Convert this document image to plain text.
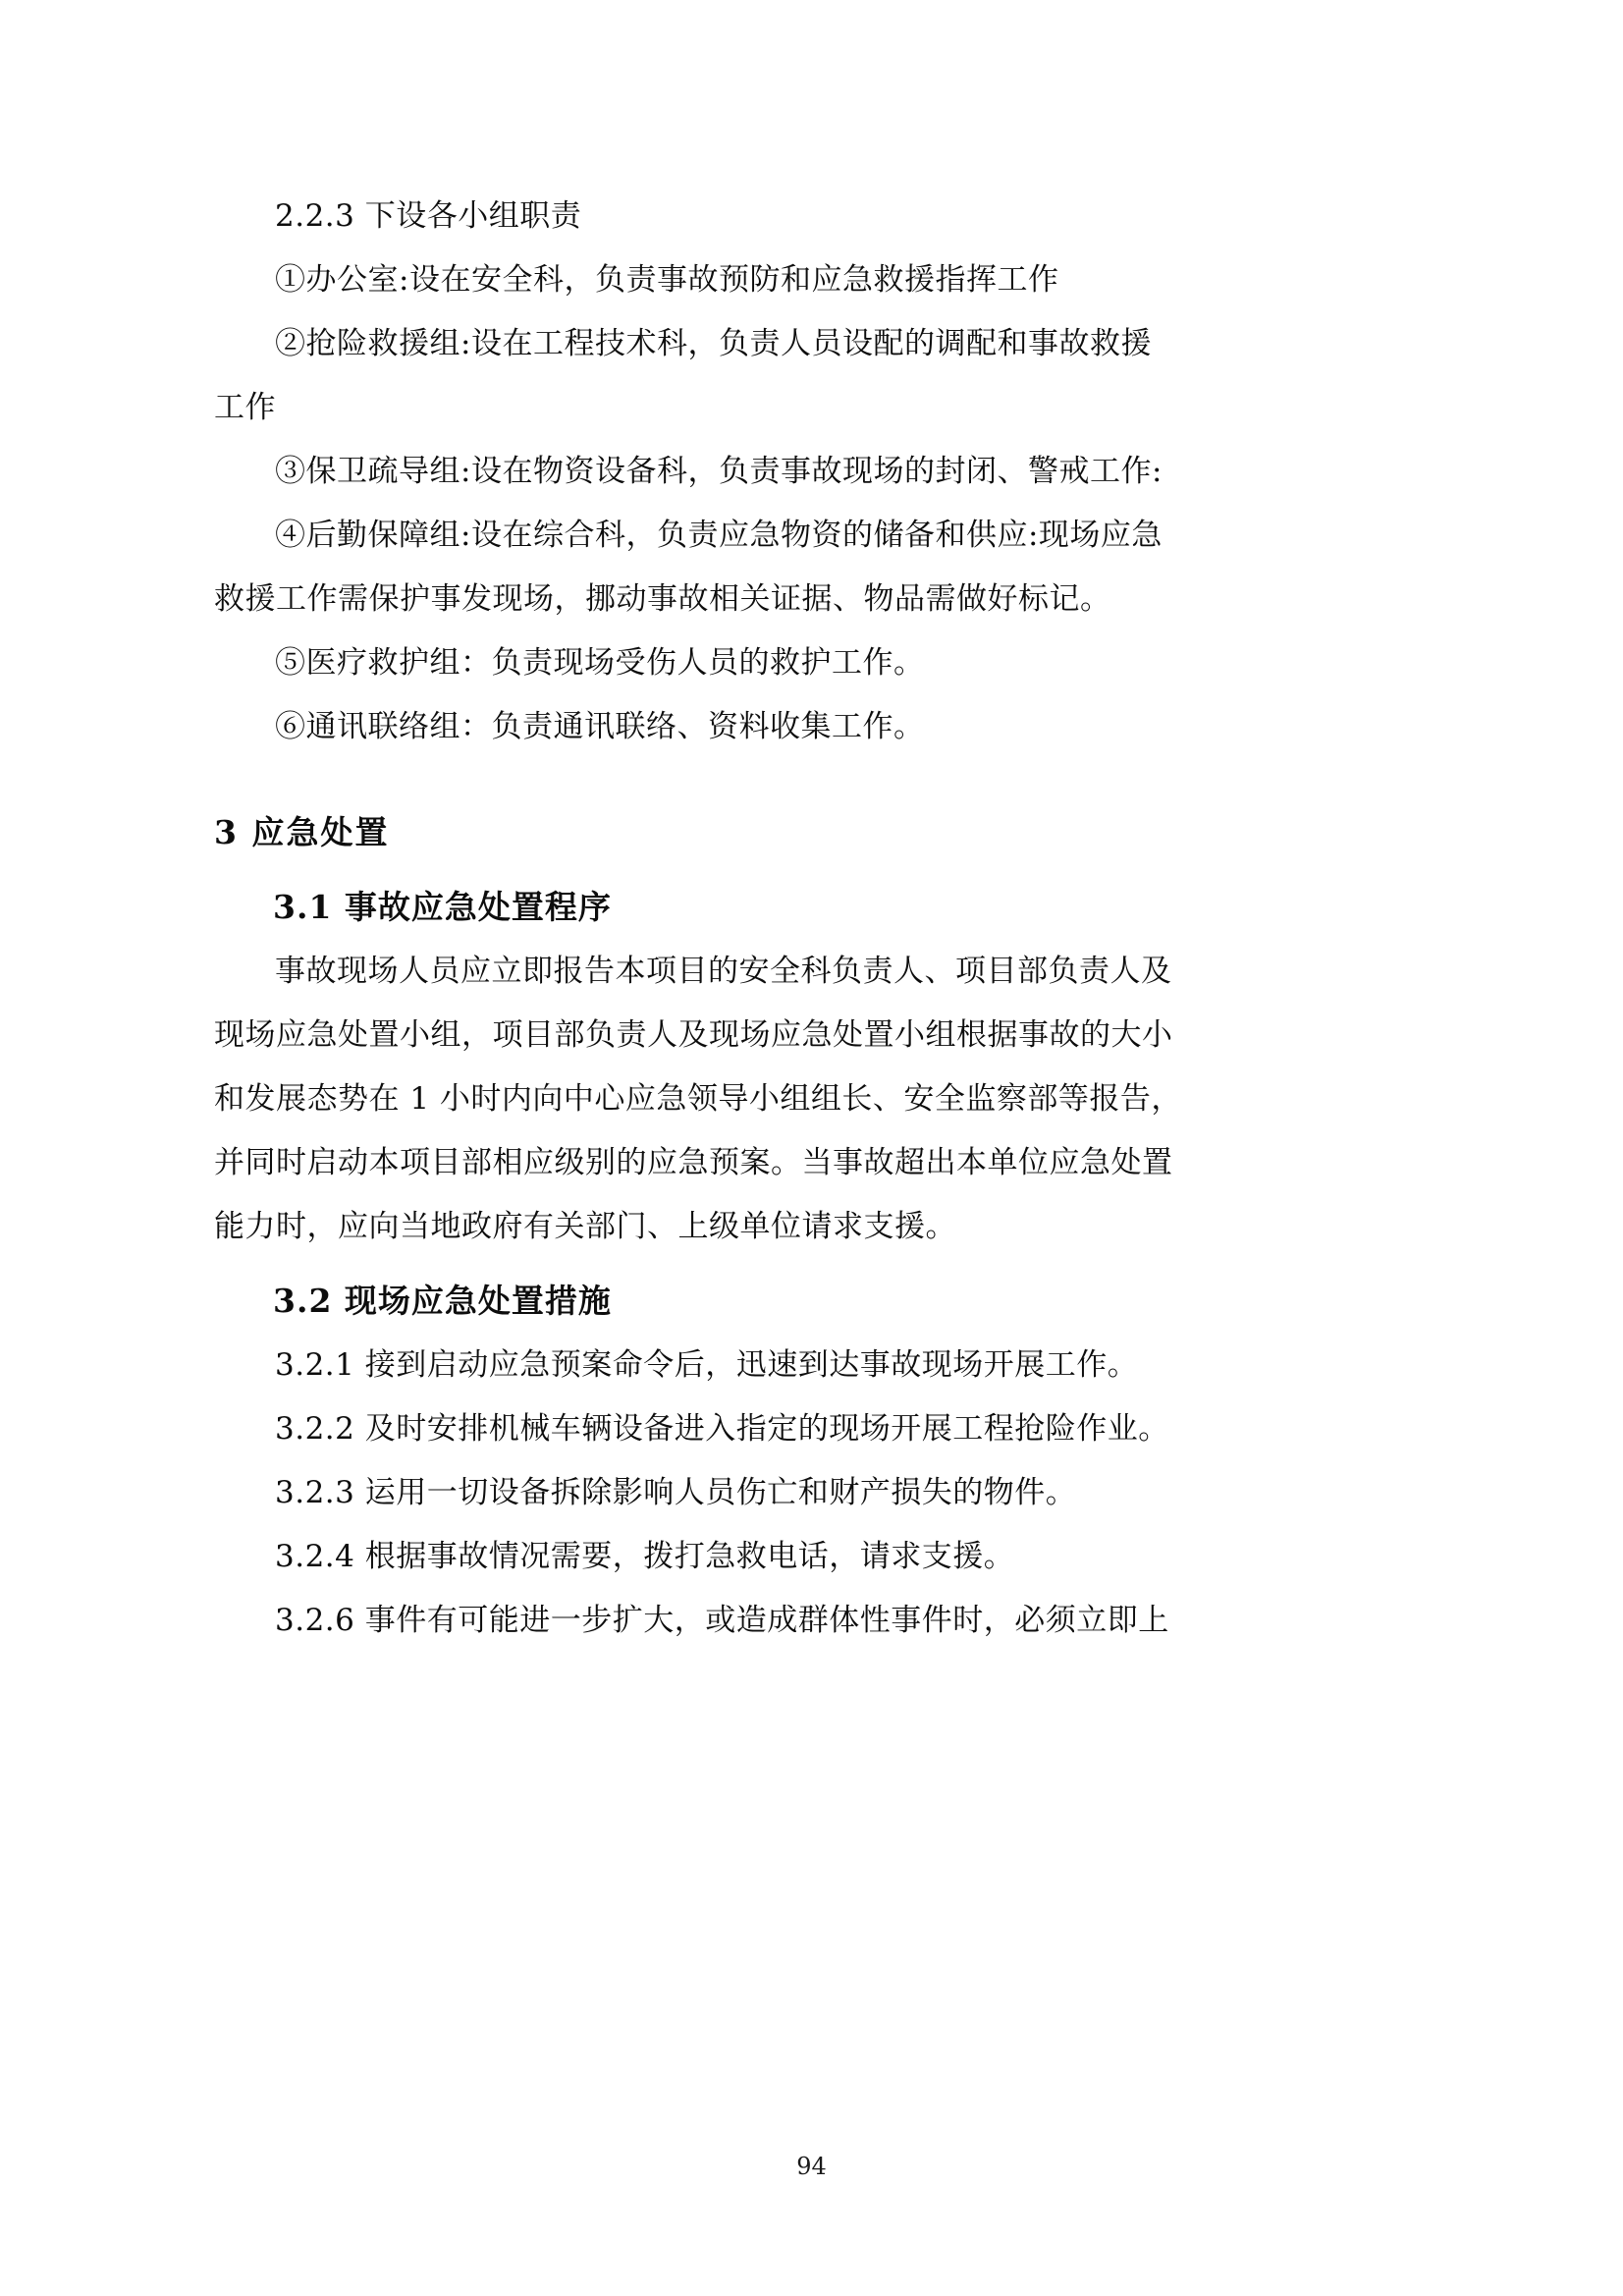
2.2.3 下设各小组职责

①办公室:设在安全科，负责事故预防和应急救援指挥工作

②抢险救援组:设在工程技术科，负责人员设配的调配和事故救援

工作

③保卫疏导组:设在物资设备科，负责事故现场的封闭、警戒工作:

④后勤保障组:设在综合科，负责应急物资的储备和供应:现场应急

救援工作需保护事发现场，挪动事故相关证据、物品需做好标记。

⑤医疗救护组：负责现场受伤人员的救护工作。

⑥通讯联络组：负责通讯联络、资料收集工作。

3 应急处置

3.1 事故应急处置程序

事故现场人员应立即报告本项目的安全科负责人、项目部负责人及

现场应急处置小组，项目部负责人及现场应急处置小组根据事故的大小

和发展态势在 1 小时内向中心应急领导小组组长、安全监察部等报告，

并同时启动本项目部相应级别的应急预案。当事故超出本单位应急处置

能力时，应向当地政府有关部门、上级单位请求支援。

3.2 现场应急处置措施

3.2.1 接到启动应急预案命令后，迅速到达事故现场开展工作。

3.2.2 及时安排机械车辆设备进入指定的现场开展工程抢险作业。

3.2.3 运用一切设备拆除影响人员伤亡和财产损失的物件。

3.2.4 根据事故情况需要，拨打急救电话，请求支援。

3.2.6 事件有可能进一步扩大，或造成群体性事件时，必须立即上

94
